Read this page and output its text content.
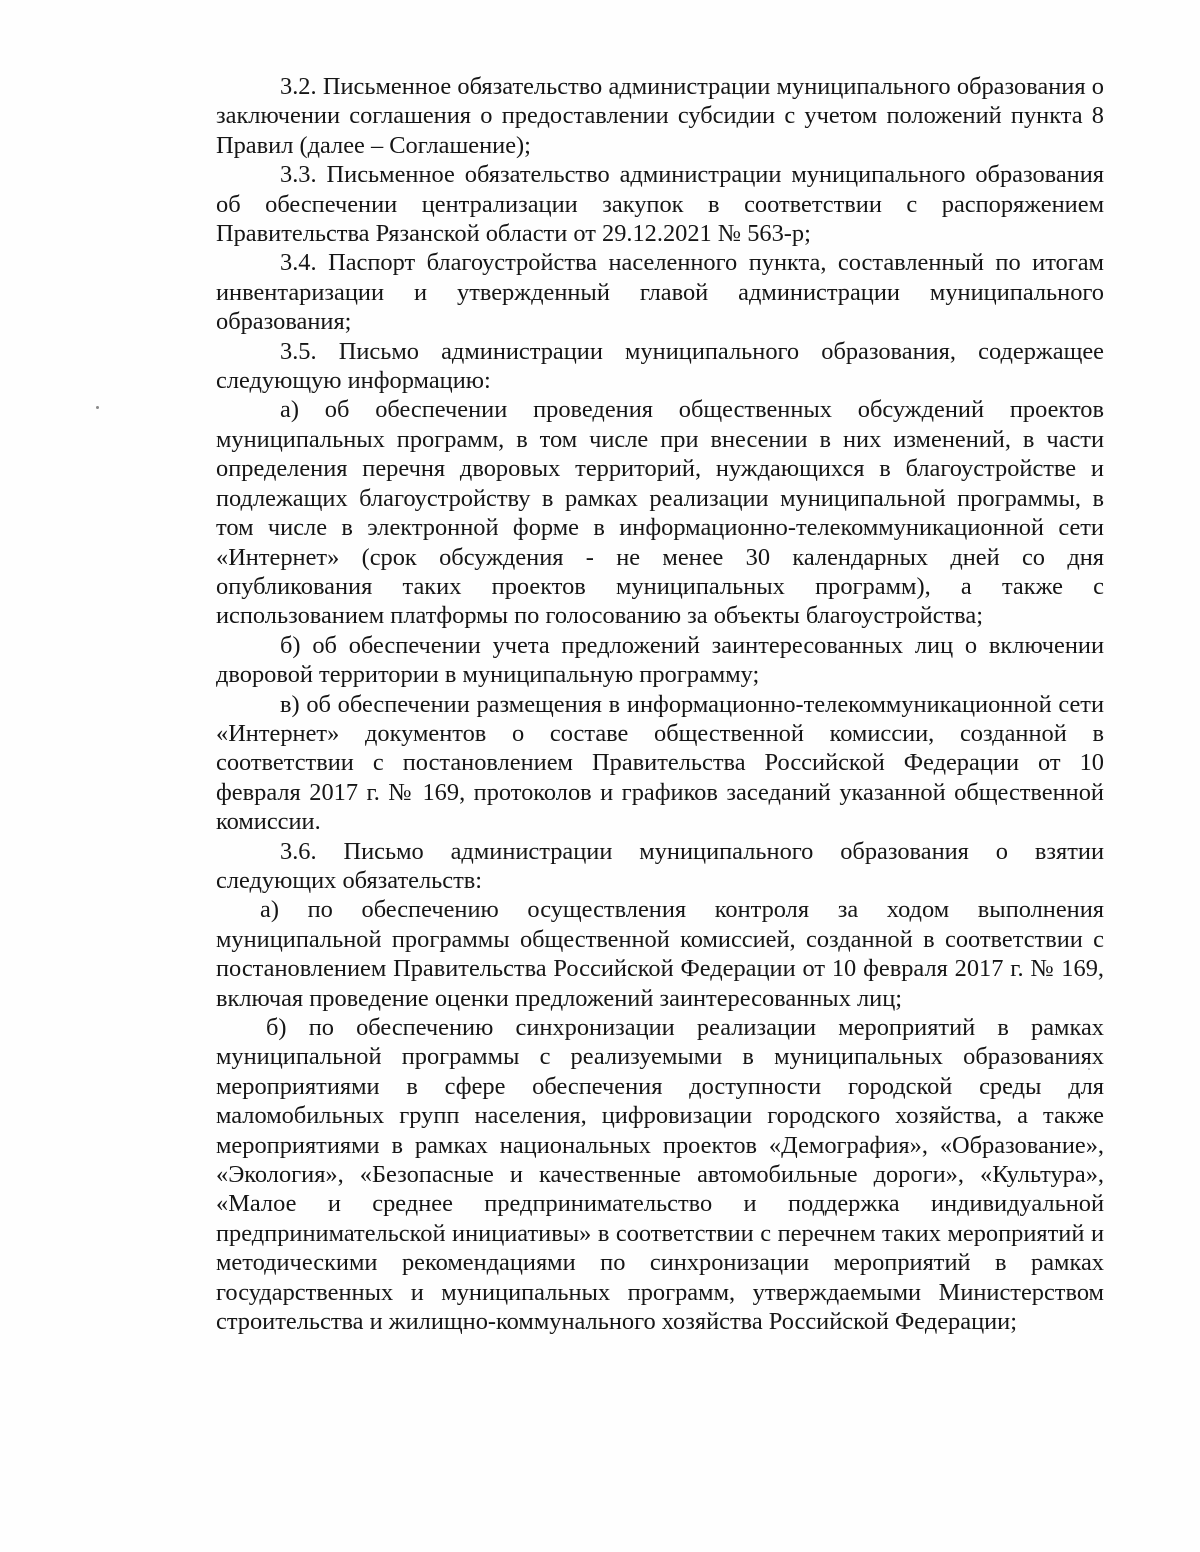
3.2. Письменное обязательство администрации муниципального образования о заключении соглашения о предоставлении субсидии с учетом положений пункта 8 Правил (далее – Соглашение);

3.3. Письменное обязательство администрации муниципального образования об обеспечении централизации закупок в соответствии с распоряжением Правительства Рязанской области от 29.12.2021 № 563-р;

3.4. Паспорт благоустройства населенного пункта, составленный по итогам инвентаризации и утвержденный главой администрации муниципального образования;

3.5. Письмо администрации муниципального образования, содержащее следующую информацию:

а) об обеспечении проведения общественных обсуждений проектов муниципальных программ, в том числе при внесении в них изменений, в части определения перечня дворовых территорий, нуждающихся в благоустройстве и подлежащих благоустройству в рамках реализации муниципальной программы, в том числе в электронной форме в информационно-телекоммуникационной сети «Интернет» (срок обсуждения - не менее 30 календарных дней со дня опубликования таких проектов муниципальных программ), а также с использованием платформы по голосованию за объекты благоустройства;

б) об обеспечении учета предложений заинтересованных лиц о включении дворовой территории в муниципальную программу;

в) об обеспечении размещения в информационно-телекоммуникационной сети «Интернет» документов о составе общественной комиссии, созданной в соответствии с постановлением Правительства Российской Федерации от 10 февраля 2017 г. № 169, протоколов и графиков заседаний указанной общественной комиссии.

3.6. Письмо администрации муниципального образования о взятии следующих обязательств:

а) по обеспечению осуществления контроля за ходом выполнения муниципальной программы общественной комиссией, созданной в соответствии с постановлением Правительства Российской Федерации от 10 февраля 2017 г. № 169, включая проведение оценки предложений заинтересованных лиц;

б) по обеспечению синхронизации реализации мероприятий в рамках муниципальной программы с реализуемыми в муниципальных образованиях мероприятиями в сфере обеспечения доступности городской среды для маломобильных групп населения, цифровизации городского хозяйства, а также мероприятиями в рамках национальных проектов «Демография», «Образование», «Экология», «Безопасные и качественные автомобильные дороги», «Культура», «Малое и среднее предпринимательство и поддержка индивидуальной предпринимательской инициативы» в соответствии с перечнем таких мероприятий и методическими рекомендациями по синхронизации мероприятий в рамках государственных и муниципальных программ, утверждаемыми Министерством строительства и жилищно-коммунального хозяйства Российской Федерации;
